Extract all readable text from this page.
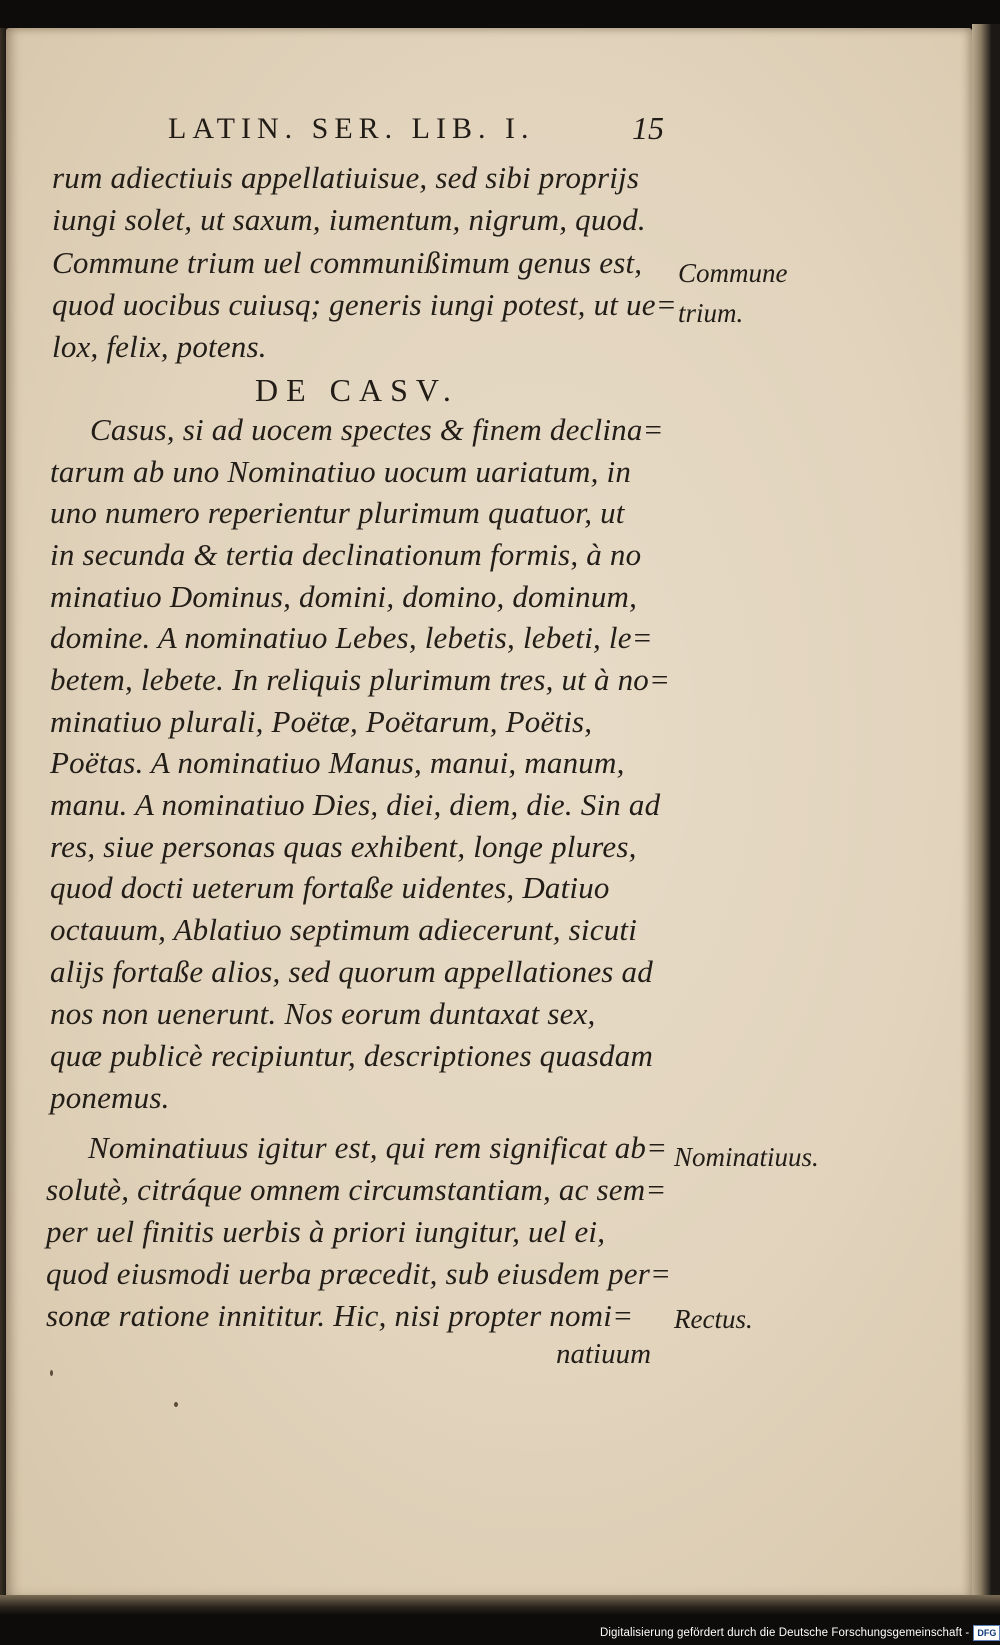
LATIN. SER. LIB. I.	15
rum adiectiuis appellatiuisue, sed sibi proprijs
iungi solet, ut saxum, iumentum, nigrum, quod.
Commune trium uel communißimum genus est,
quod uocibus cuiusq; generis iungi potest, ut ue=
lox, felix, potens.
DE CASV.
Casus, si ad uocem spectes & finem declina=
tarum ab uno Nominatiuo uocum uariatum, in
uno numero reperientur plurimum quatuor, ut
in secunda & tertia declinationum formis, à no
minatiuo Dominus, domini, domino, dominum,
domine. A nominatiuo Lebes, lebetis, lebeti, le=
betem, lebete. In reliquis plurimum tres, ut à no=
minatiuo plurali, Poëtæ, Poëtarum, Poëtis,
Poëtas. A nominatiuo Manus, manui, manum,
manu. A nominatiuo Dies, diei, diem, die. Sin ad
res, siue personas quas exhibent, longe plures,
quod docti ueterum fortaße uidentes, Datiuo
octauum, Ablatiuo septimum adiecerunt, sicuti
alijs fortaße alios, sed quorum appellationes ad
nos non uenerunt. Nos eorum duntaxat sex,
quæ publicè recipiuntur, descriptiones quasdam
ponemus.
Nominatiuus igitur est, qui rem significat ab=
solutè, citráque omnem circumstantiam, ac sem=
per uel finitis uerbis à priori iungitur, uel ei,
quod eiusmodi uerba præcedit, sub eiusdem per=
sonæ ratione innititur. Hic, nisi propter nomi=
natiuum
Commune
trium.
Nominatiuus.
Rectus.
Digitalisierung gefördert durch die Deutsche Forschungsgemeinschaft - DFG
